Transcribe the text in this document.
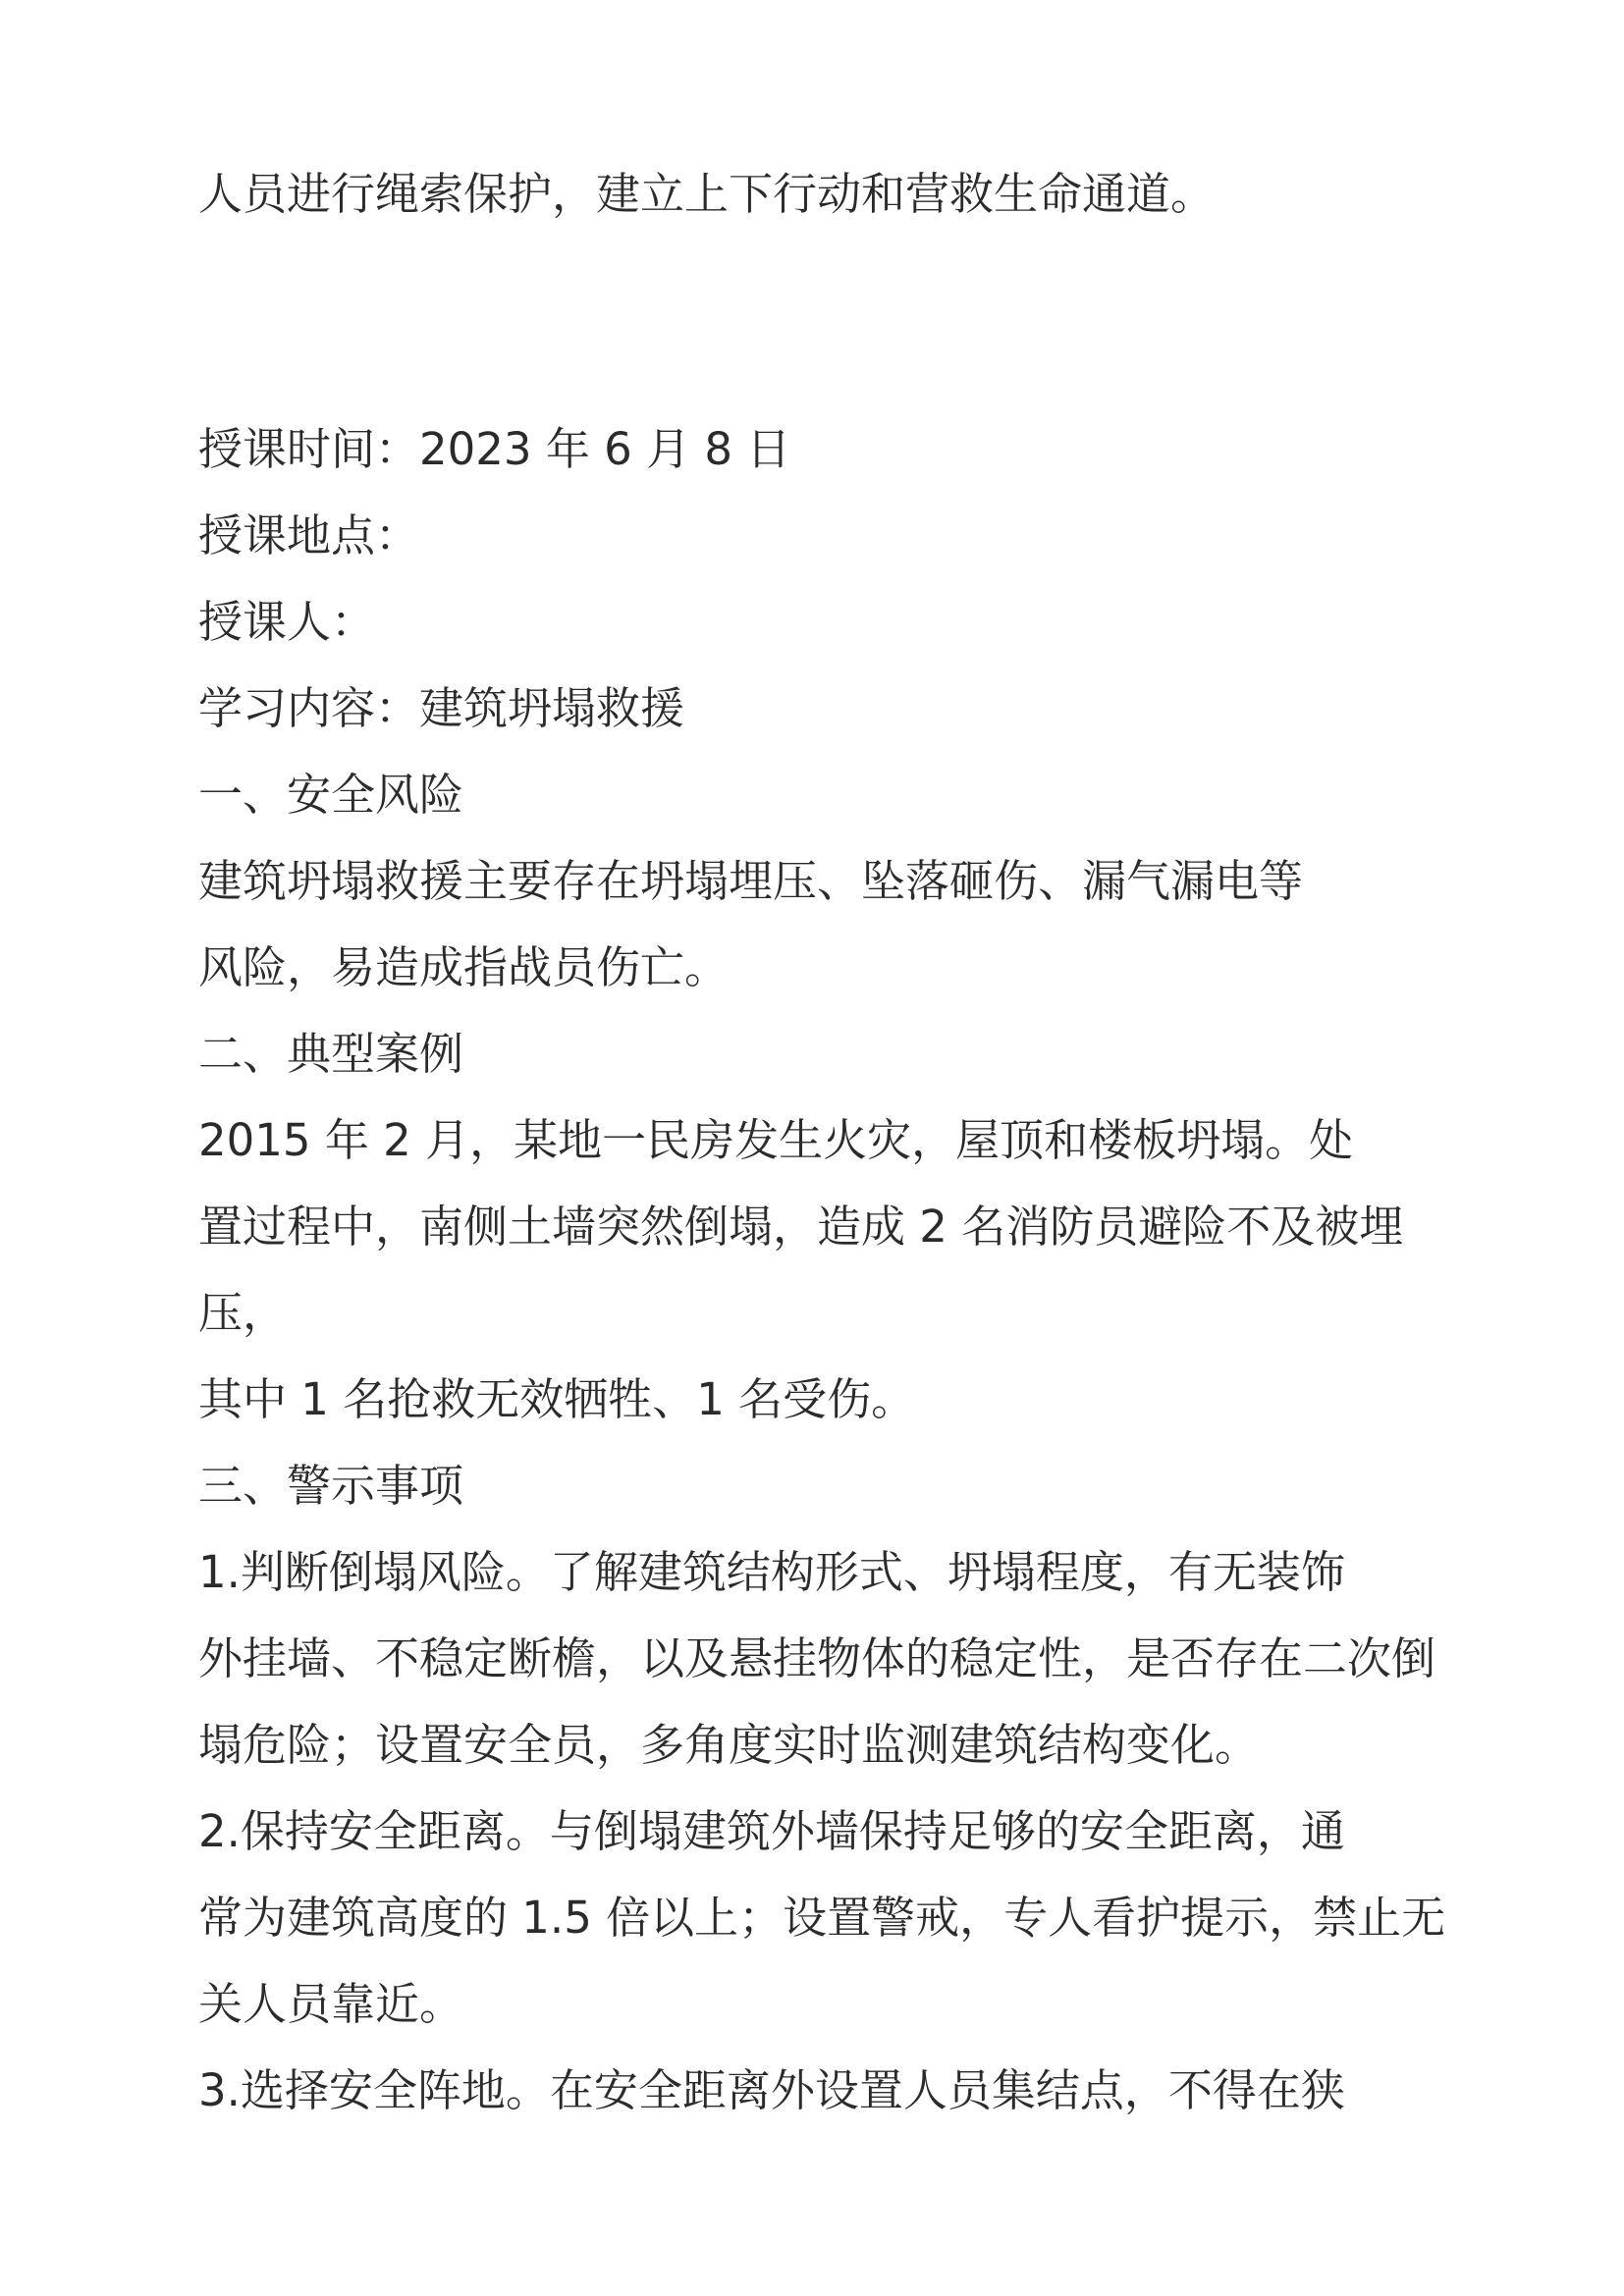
人员进行绳索保护，建立上下行动和营救生命通道。

授课时间：2023 年 6 月 8 日

授课地点：

授课人：

学习内容：建筑坍塌救援

一、安全风险

建筑坍塌救援主要存在坍塌埋压、坠落砸伤、漏气漏电等

风险，易造成指战员伤亡。

二、典型案例

2015 年 2 月，某地一民房发生火灾，屋顶和楼板坍塌。处

置过程中，南侧土墙突然倒塌，造成 2 名消防员避险不及被埋

压，

其中 1 名抢救无效牺牲、1 名受伤。

三、警示事项

1.判断倒塌风险。了解建筑结构形式、坍塌程度，有无装饰

外挂墙、不稳定断檐，以及悬挂物体的稳定性，是否存在二次倒

塌危险；设置安全员，多角度实时监测建筑结构变化。

2.保持安全距离。与倒塌建筑外墙保持足够的安全距离，通

常为建筑高度的 1.5 倍以上；设置警戒，专人看护提示，禁止无

关人员靠近。

3.选择安全阵地。在安全距离外设置人员集结点，不得在狭
